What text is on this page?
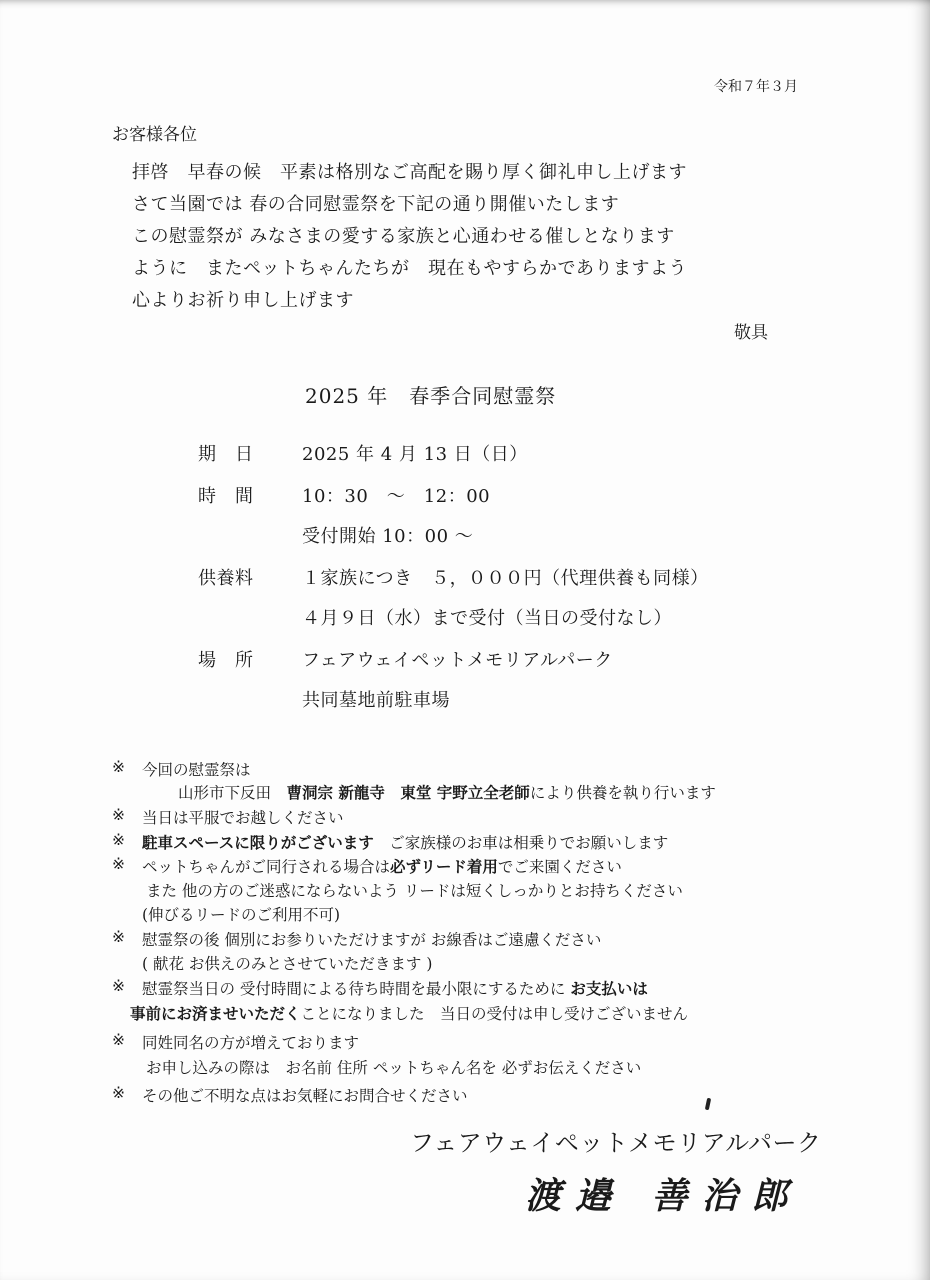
令和７年３月
お客様各位
拝啓　早春の候　平素は格別なご高配を賜り厚く御礼申し上げます
さて当園では 春の合同慰霊祭を下記の通り開催いたします
この慰霊祭が みなさまの愛する家族と心通わせる催しとなります
ように　またペットちゃんたちが　現在もやすらかでありますよう
心よりお祈り申し上げます
敬具
2025 年　春季合同慰霊祭
期　日	2025 年 4 月 13 日（日）
時　間	10：30　～　12：00
受付開始 10：00 ～
供養料	１家族につき　５，０００円（代理供養も同様）
４月９日（水）まで受付（当日の受付なし）
場　所	フェアウェイペットメモリアルパーク
共同墓地前駐車場
※ 今回の慰霊祭は
山形市下反田　曹洞宗 新龍寺　東堂 宇野立全老師により供養を執り行います
※ 当日は平服でお越しください
※ 駐車スペースに限りがございます　ご家族様のお車は相乗りでお願いします
※ ペットちゃんがご同行される場合は必ずリード着用でご来園ください
また 他の方のご迷惑にならないよう リードは短くしっかりとお持ちください
(伸びるリードのご利用不可)
※ 慰霊祭の後 個別にお参りいただけますが お線香はご遠慮ください
( 献花 お供えのみとさせていただきます )
※ 慰霊祭当日の 受付時間による待ち時間を最小限にするために お支払いは
事前にお済ませいただくことになりました　当日の受付は申し受けございません
※ 同姓同名の方が増えております
お申し込みの際は　お名前 住所 ペットちゃん名を 必ずお伝えください
※ その他ご不明な点はお気軽にお問合せください
フェアウェイペットメモリアルパーク
渡邉 善治郎
